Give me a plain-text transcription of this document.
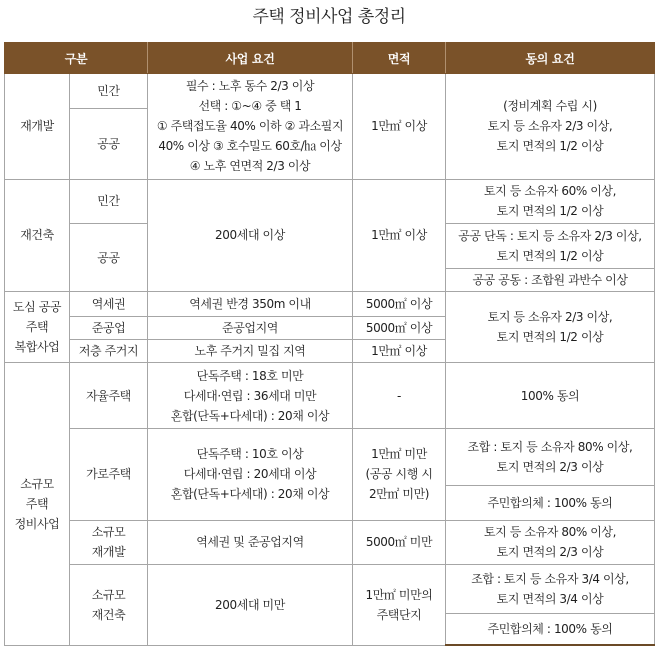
주택 정비사업 총정리
구분		사업 요건	면적	동의 요건
재개발	민간	필수 : 노후 동수 2/3 이상
선택 : ①~④ 중 택 1
① 주택접도율 40% 이하 ② 과소필지
40% 이상 ③ 호수밀도 60호/㏊ 이상
④ 노후 연면적 2/3 이상	1만㎡ 이상	(정비계획 수립 시)
토지 등 소유자 2/3 이상,
토지 면적의 1/2 이상

	공공			
재건축	민간	200세대 이상	1만㎡ 이상	토지 등 소유자 60% 이상,
토지 면적의 1/2 이상

	공공			공공 단독 : 토지 등 소유자 2/3 이상,
토지 면적의 1/2 이상

				공공 공동 : 조합원 과반수 이상

도심 공공
주택
복합사업	역세권	역세권 반경 350m 이내	5000㎡ 이상	토지 등 소유자 2/3 이상,
토지 면적의 1/2 이상

	준공업	준공업지역	5000㎡ 이상	
	저층 주거지	노후 주거지 밀집 지역	1만㎡ 이상	

소규모
주택
정비사업	자율주택	단독주택 : 18호 미만
다세대·연립 : 36세대 미만
혼합(단독+다세대) : 20채 이상	-	100% 동의
	가로주택	단독주택 : 10호 이상
다세대·연립 : 20세대 이상
혼합(단독+다세대) : 20채 이상	1만㎡ 미만
(공공 시행 시
2만㎡ 미만)	조합 : 토지 등 소유자 80% 이상,
토지 면적의 2/3 이상

				주민합의체 : 100% 동의

	소규모
재개발	역세권 및 준공업지역	5000㎡ 미만	토지 등 소유자 80% 이상,
토지 면적의 2/3 이상

	소규모
재건축	200세대 미만	1만㎡ 미만의
주택단지	조합 : 토지 등 소유자 3/4 이상,
토지 면적의 3/4 이상

				주민합의체 : 100% 동의
